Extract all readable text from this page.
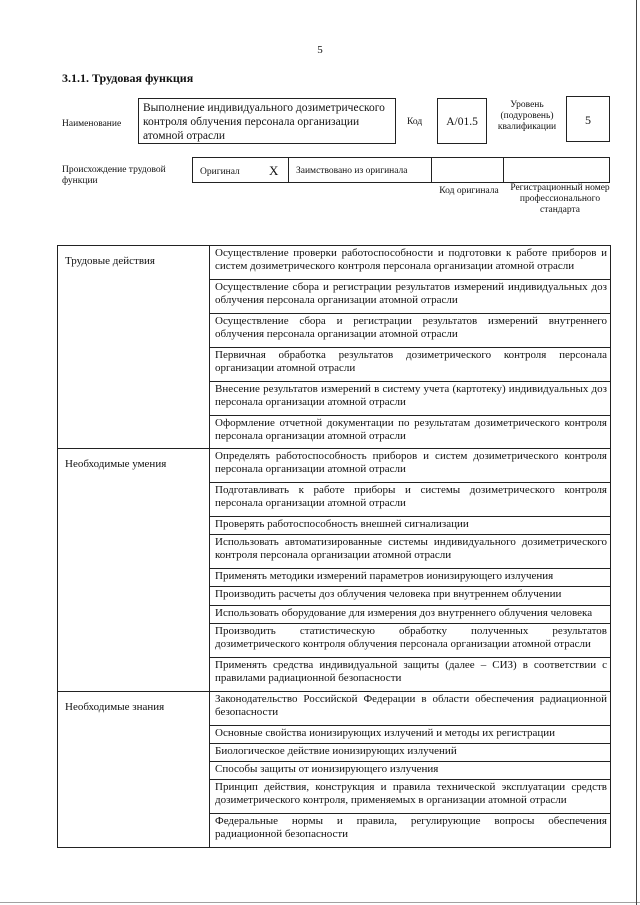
5
3.1.1. Трудовая функция
Наименование
Выполнение индивидуального дозиметрического контроля облучения персонала организации атомной отрасли
Код	А/01.5
Уровень (подуровень) квалификации	5
Происхождение трудовой функции
Оригинал X Заимствовано из оригинала
Код оригинала Регистрационный номер профессионального стандарта
Трудовые действия	Осуществление проверки работоспособности и подготовки к работе приборов и систем дозиметрического контроля персонала организации атомной отрасли
	Осуществление сбора и регистрации результатов измерений индивидуальных доз облучения персонала организации атомной отрасли
	Осуществление сбора и регистрации результатов измерений внутреннего облучения персонала организации атомной отрасли
	Первичная обработка результатов дозиметрического контроля персонала организации атомной отрасли
	Внесение результатов измерений в систему учета (картотеку) индивидуальных доз персонала организации атомной отрасли
	Оформление отчетной документации по результатам дозиметрического контроля персонала организации атомной отрасли
Необходимые умения	Определять работоспособность приборов и систем дозиметрического контроля персонала организации атомной отрасли
	Подготавливать к работе приборы и системы дозиметрического контроля персонала организации атомной отрасли
	Проверять работоспособность внешней сигнализации
	Использовать автоматизированные системы индивидуального дозиметрического контроля персонала организации атомной отрасли
	Применять методики измерений параметров ионизирующего излучения
	Производить расчеты доз облучения человека при внутреннем облучении
	Использовать оборудование для измерения доз внутреннего облучения человека
	Производить статистическую обработку полученных результатов дозиметрического контроля облучения персонала организации атомной отрасли
	Применять средства индивидуальной защиты (далее – СИЗ) в соответствии с правилами радиационной безопасности
Необходимые знания	Законодательство Российской Федерации в области обеспечения радиационной безопасности
	Основные свойства ионизирующих излучений и методы их регистрации
	Биологическое действие ионизирующих излучений
	Способы защиты от ионизирующего излучения
	Принцип действия, конструкция и правила технической эксплуатации средств дозиметрического контроля, применяемых в организации атомной отрасли
	Федеральные нормы и правила, регулирующие вопросы обеспечения радиационной безопасности
